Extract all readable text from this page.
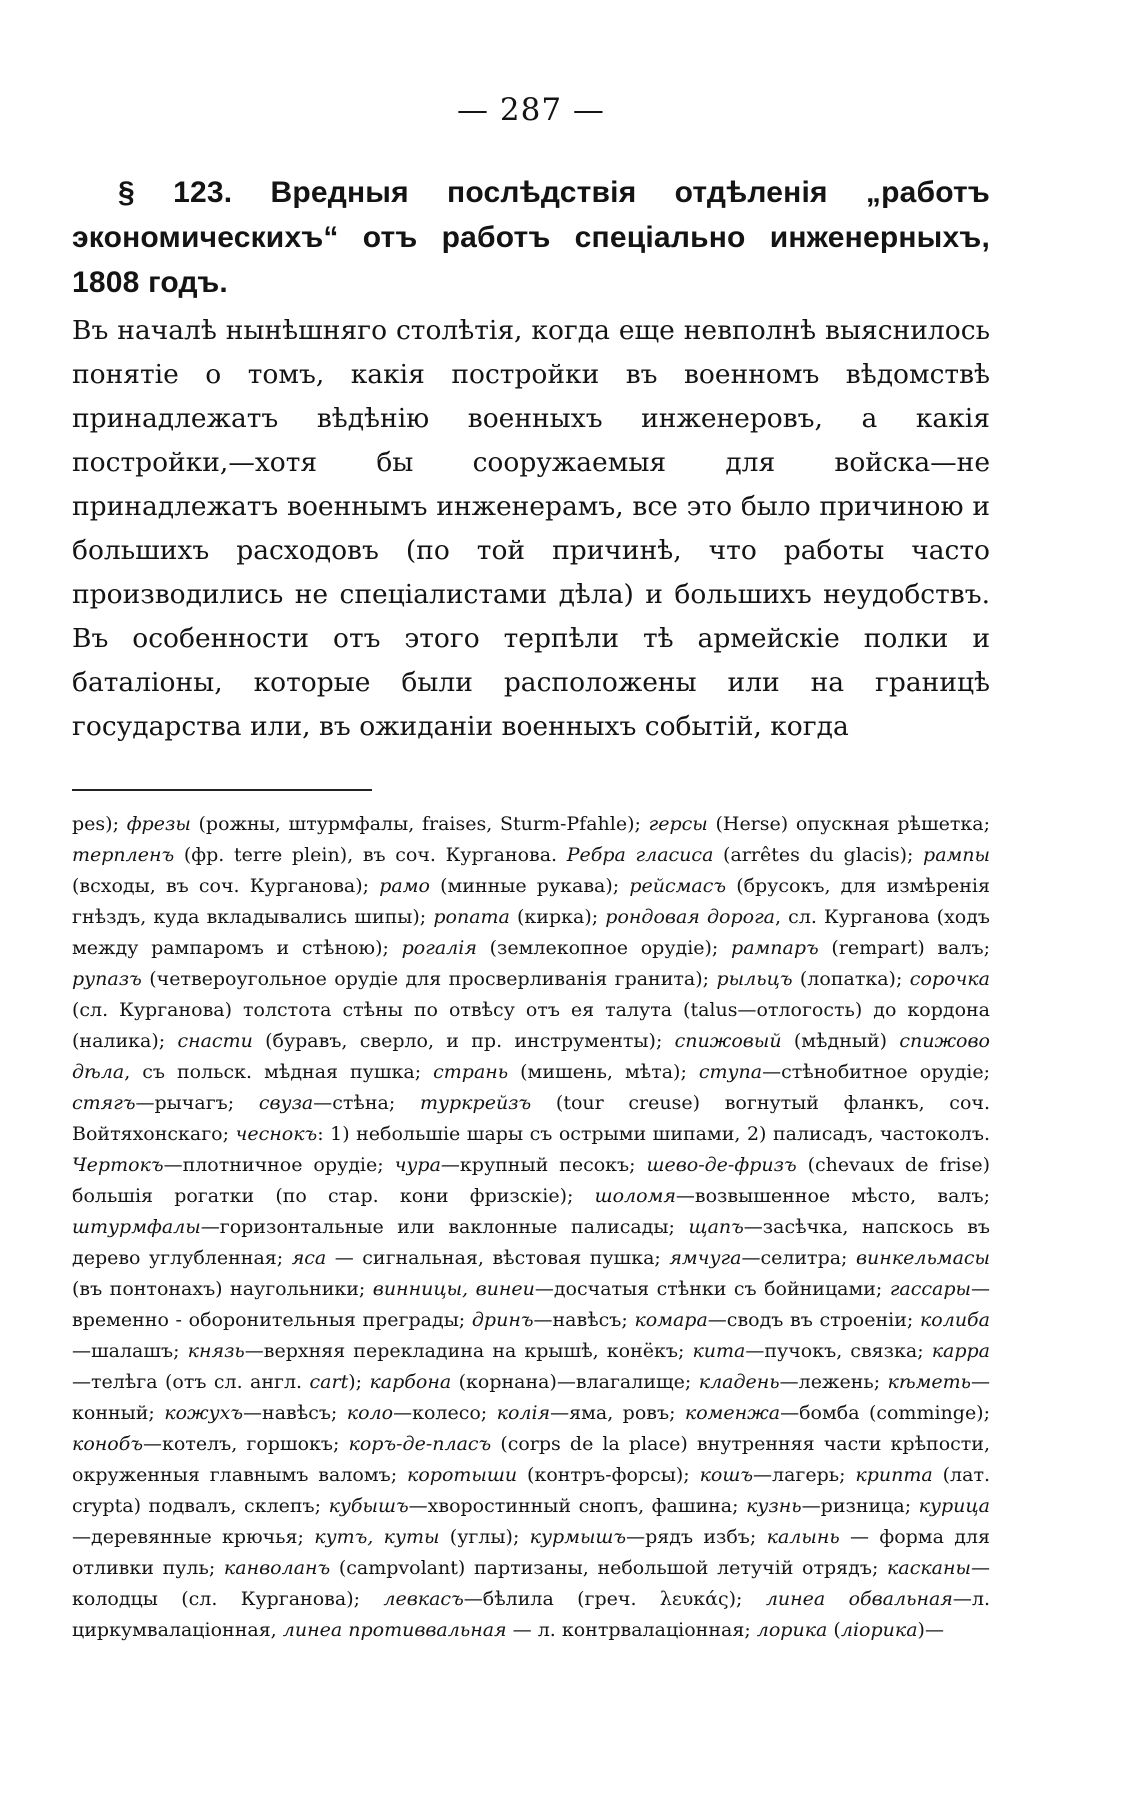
— 287 —

§ 123. Вредныя послѣдствія отдѣленія „работъ экономическихъ“ отъ работъ спеціально инженерныхъ, 1808 годъ.

Въ началѣ нынѣшняго столѣтія, когда еще невполнѣ выяснилось понятіе о томъ, какія постройки въ военномъ вѣдомствѣ принадлежатъ вѣдѣнію военныхъ инженеровъ, а какія постройки,—хотя бы сооружаемыя для войска—не принадлежатъ военнымъ инженерамъ, все это было причиною и большихъ расходовъ (по той причинѣ, что работы часто производились не спеціалистами дѣла) и большихъ неудобствъ. Въ особенности отъ этого терпѣли тѣ армейскіе полки и баталіоны, которые были расположены или на границѣ государства или, въ ожиданіи военныхъ событій, когда

pes); фрезы (рожны, штурмфалы, fraises, Sturm-Pfahle); герсы (Herse) опускная рѣшетка; терпленъ (фр. terre plein), въ соч. Курганова. Ребра гласиса (arrêtes du glacis); рампы (всходы, въ соч. Курганова); рамо (минные рукава); рейсмасъ (брусокъ, для измѣренія гнѣздъ, куда вкладывались шипы); ропата (кирка); рондовая дорога, сл. Курганова (ходъ между рампаромъ и стѣною); рогалія (землекопное орудіе); рампаръ (rempart) валъ; рупазъ (четвероугольное орудіе для просверливанія гранита); рыльцъ (лопатка); сорочка (сл. Курганова) толстота стѣны по отвѣсу отъ ея талута (talus—отлогость) до кордона (налика); снасти (буравъ, сверло, и пр. инструменты); спижовый (мѣдный) спижово дѣла, съ польск. мѣдная пушка; странь (мишень, мѣта); ступа—стѣнобитное орудіе; стягъ—рычагъ; свуза—стѣна; туркрейзъ (tour creuse) вогнутый фланкъ, соч. Войтяхонскаго; чеснокъ: 1) небольшіе шары съ острыми шипами, 2) палисадъ, частоколъ. Чертокъ—плотничное орудіе; чура—крупный песокъ; шево-де-фризъ (chevaux de frise) большія рогатки (по стар. кони фризскіе); шоломя—возвышенное мѣсто, валъ; штурмфалы—горизонтальные или ваклонные палисады; щапъ—засѣчка, напскось въ дерево углубленная; яса — сигнальная, вѣстовая пушка; ямчуга—селитра; винкельмасы (въ понтонахъ) наугольники; винницы, винеи—досчатыя стѣнки съ бойницами; гассары—временно - оборонительныя преграды; дринъ—навѣсъ; комара—сводъ въ строеніи; колиба—шалашъ; князь—верхняя перекладина на крышѣ, конёкъ; кита—пучокъ, связка; карра—телѣга (отъ сл. англ. cart); карбона (корнана)—влагалище; кладень—лежень; кѣметь—конный; кожухъ—навѣсъ; коло—колесо; колія—яма, ровъ; коменжа—бомба (comminge); конобъ—котелъ, горшокъ; коръ-де-пласъ (corps de la place) внутренняя части крѣпости, окруженныя главнымъ валомъ; коротыши (контръ-форсы); кошъ—лагерь; крипта (лат. crypta) подвалъ, склепъ; кубышъ—хворостинный снопъ, фашина; кузнь—ризница; курица—деревянные крючья; кутъ, куты (углы); курмышъ—рядъ избъ; калынь — форма для отливки пуль; канволанъ (campvolant) партизаны, небольшой летучій отрядъ; касканы—колодцы (сл. Курганова); левкасъ—бѣлила (греч. λευκάς); линеа обвальная—л. циркумвалаціонная, линеа противвальная — л. контрвалаціонная; лорика (ліорика)—
